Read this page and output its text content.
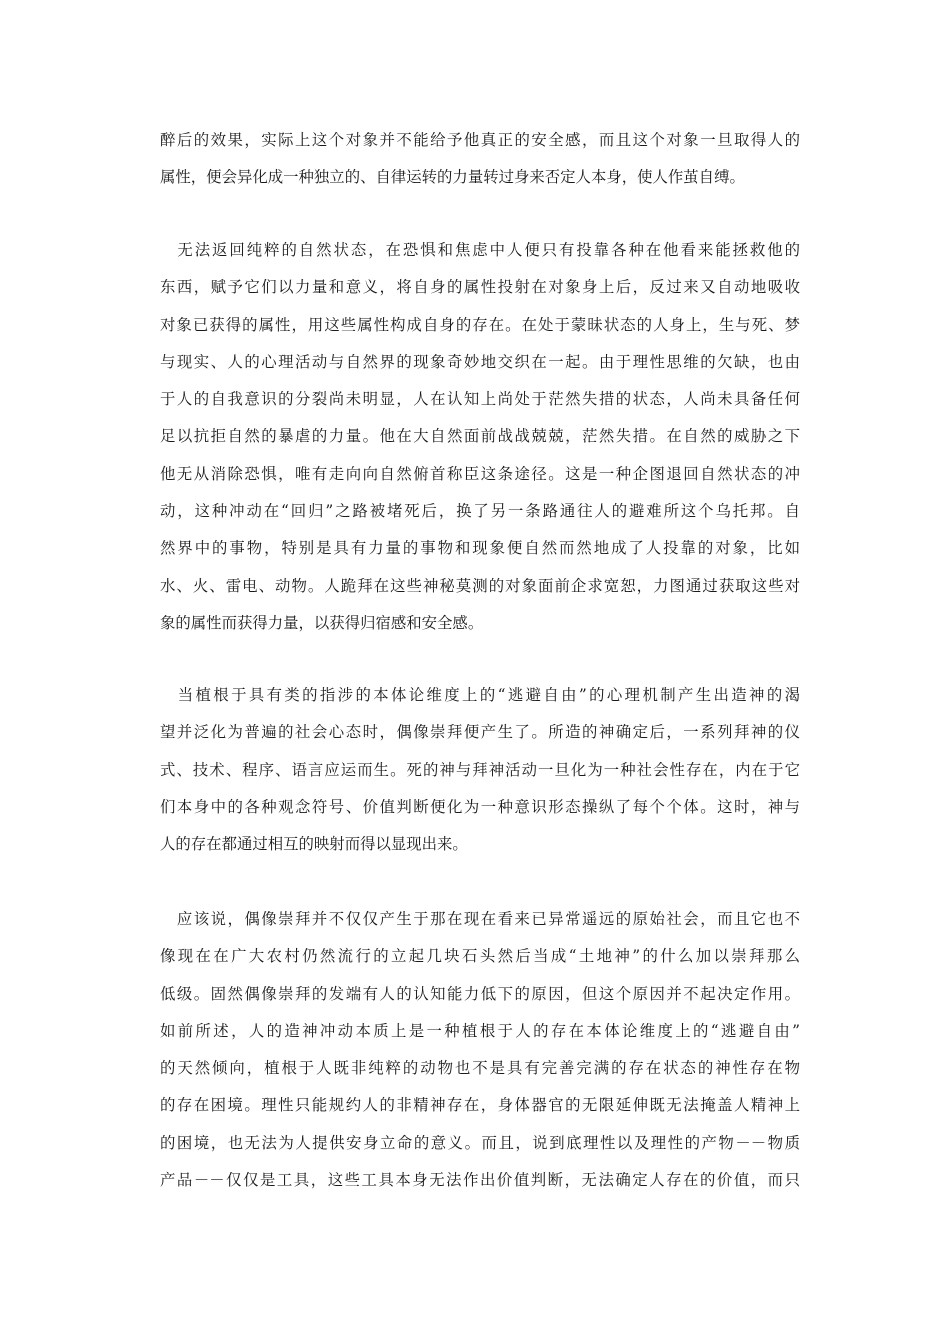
醉后的效果，实际上这个对象并不能给予他真正的安全感，而且这个对象一旦取得人的
属性，便会异化成一种独立的、自律运转的力量转过身来否定人本身，使人作茧自缚。
　无法返回纯粹的自然状态，在恐惧和焦虑中人便只有投靠各种在他看来能拯救他的
东西，赋予它们以力量和意义，将自身的属性投射在对象身上后，反过来又自动地吸收
对象已获得的属性，用这些属性构成自身的存在。在处于蒙昧状态的人身上，生与死、梦
与现实、人的心理活动与自然界的现象奇妙地交织在一起。由于理性思维的欠缺，也由
于人的自我意识的分裂尚未明显，人在认知上尚处于茫然失措的状态，人尚未具备任何
足以抗拒自然的暴虐的力量。他在大自然面前战战兢兢，茫然失措。在自然的威胁之下
他无从消除恐惧，唯有走向向自然俯首称臣这条途径。这是一种企图退回自然状态的冲
动，这种冲动在“回归”之路被堵死后，换了另一条路通往人的避难所这个乌托邦。自
然界中的事物，特别是具有力量的事物和现象便自然而然地成了人投靠的对象，比如
水、火、雷电、动物。人跪拜在这些神秘莫测的对象面前企求宽恕，力图通过获取这些对
象的属性而获得力量，以获得归宿感和安全感。
　当植根于具有类的指涉的本体论维度上的“逃避自由”的心理机制产生出造神的渴
望并泛化为普遍的社会心态时，偶像崇拜便产生了。所造的神确定后，一系列拜神的仪
式、技术、程序、语言应运而生。死的神与拜神活动一旦化为一种社会性存在，内在于它
们本身中的各种观念符号、价值判断便化为一种意识形态操纵了每个个体。这时，神与
人的存在都通过相互的映射而得以显现出来。
　应该说，偶像崇拜并不仅仅产生于那在现在看来已异常遥远的原始社会，而且它也不
像现在在广大农村仍然流行的立起几块石头然后当成“土地神”的什么加以崇拜那么
低级。固然偶像崇拜的发端有人的认知能力低下的原因，但这个原因并不起决定作用。
如前所述，人的造神冲动本质上是一种植根于人的存在本体论维度上的“逃避自由”
的天然倾向，植根于人既非纯粹的动物也不是具有完善完满的存在状态的神性存在物
的存在困境。理性只能规约人的非精神存在，身体器官的无限延伸既无法掩盖人精神上
的困境，也无法为人提供安身立命的意义。而且，说到底理性以及理性的产物－－物质
产品－－仅仅是工具，这些工具本身无法作出价值判断，无法确定人存在的价值，而只
